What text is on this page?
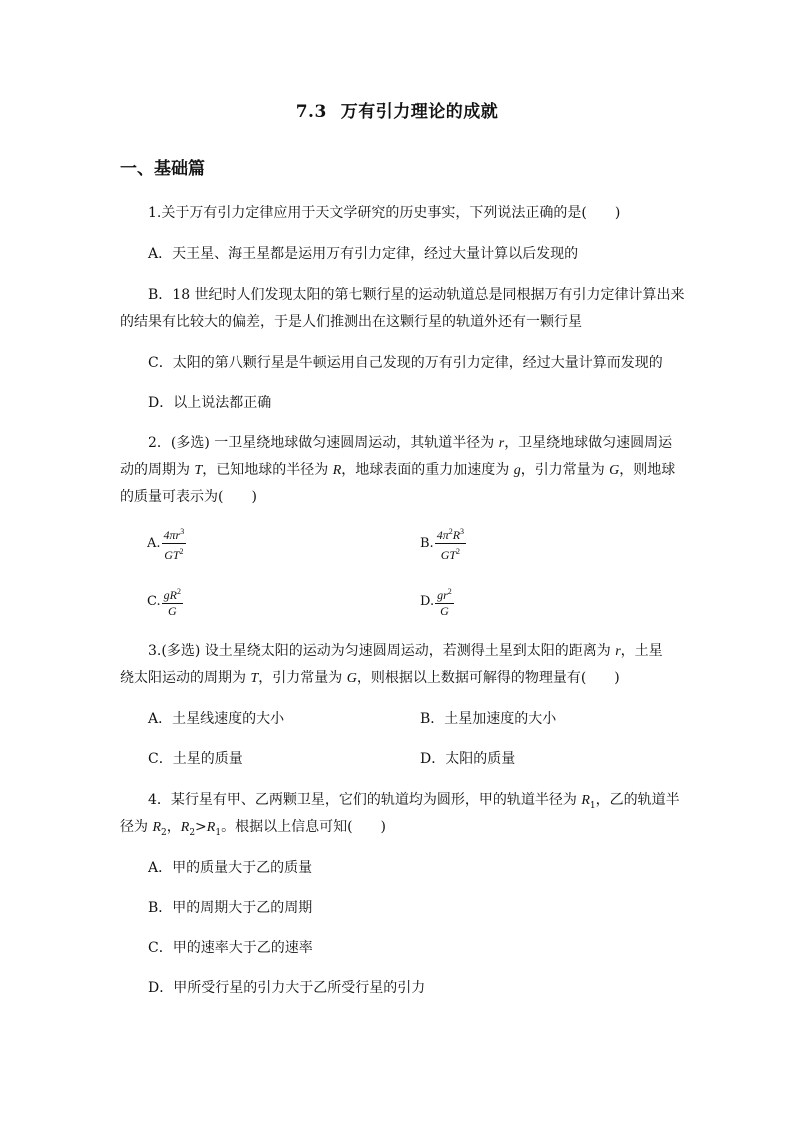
7.3 万有引力理论的成就
一、基础篇
1.关于万有引力定律应用于天文学研究的历史事实，下列说法正确的是(　　)
A．天王星、海王星都是运用万有引力定律，经过大量计算以后发现的
B．18 世纪时人们发现太阳的第七颗行星的运动轨道总是同根据万有引力定律计算出来
的结果有比较大的偏差，于是人们推测出在这颗行星的轨道外还有一颗行星
C．太阳的第八颗行星是牛顿运用自己发现的万有引力定律，经过大量计算而发现的
D．以上说法都正确
2．(多选) 一卫星绕地球做匀速圆周运动，其轨道半径为 r，卫星绕地球做匀速圆周运
动的周期为 T，已知地球的半径为 R，地球表面的重力加速度为 g，引力常量为 G，则地球
的质量可表示为(　　)
A. $\frac{4\pi r^3}{GT^2}$	B. $\frac{4\pi^2R^3}{GT^2}$
C. $\frac{gR^2}{G}$	D. $\frac{gr^2}{G}$
3.(多选) 设土星绕太阳的运动为匀速圆周运动，若测得土星到太阳的距离为 r，土星
绕太阳运动的周期为 T，引力常量为 G，则根据以上数据可解得的物理量有(　　)
A．土星线速度的大小	B．土星加速度的大小
C．土星的质量	D．太阳的质量
4．某行星有甲、乙两颗卫星，它们的轨道均为圆形，甲的轨道半径为 $R_1$，乙的轨道半
径为 $R_2$，$R_2>R_1$。根据以上信息可知(　　)
A．甲的质量大于乙的质量
B．甲的周期大于乙的周期
C．甲的速率大于乙的速率
D．甲所受行星的引力大于乙所受行星的引力
